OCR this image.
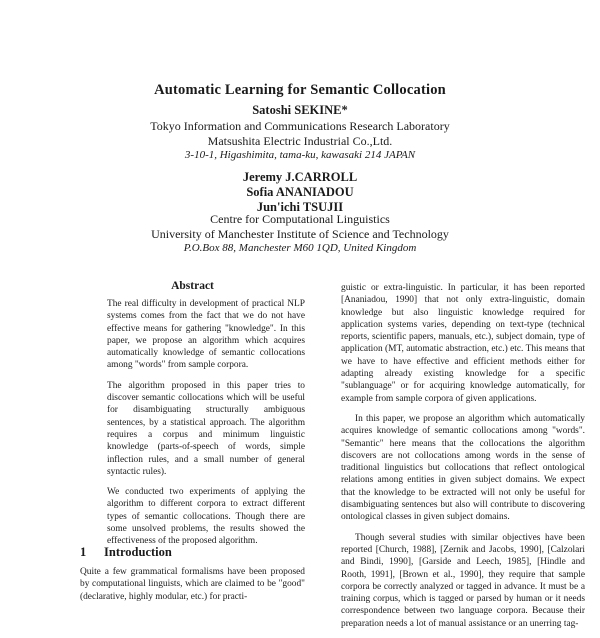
Automatic Learning for Semantic Collocation
Satoshi SEKINE*
Tokyo Information and Communications Research Laboratory
Matsushita Electric Industrial Co.,Ltd.
3-10-1, Higashimita, tama-ku, kawasaki 214 JAPAN
Jeremy J.CARROLL
Sofia ANANIADOU
Jun'ichi TSUJII
Centre for Computational Linguistics
University of Manchester Institute of Science and Technology
P.O.Box 88, Manchester M60 1QD, United Kingdom
Abstract

The real difficulty in development of practical NLP systems comes from the fact that we do not have effective means for gathering "knowledge". In this paper, we propose an algorithm which acquires automatically knowledge of semantic collocations among "words" from sample corpora.

The algorithm proposed in this paper tries to discover semantic collocations which will be useful for disambiguating structurally ambiguous sentences, by a statistical approach. The algorithm requires a corpus and minimum linguistic knowledge (parts-of-speech of words, simple inflection rules, and a small number of general syntactic rules).

We conducted two experiments of applying the algorithm to different corpora to extract different types of semantic collocations. Though there are some unsolved problems, the results showed the effectiveness of the proposed algorithm.

1 Introduction

Quite a few grammatical formalisms have been proposed by computational linguists, which are claimed to be "good" (declarative, highly modular, etc.) for practi-

guistic or extra-linguistic. In particular, it has been reported [Ananiadou, 1990] that not only extra-linguistic, domain knowledge but also linguistic knowledge required for application systems varies, depending on text-type (technical reports, scientific papers, manuals, etc.), subject domain, type of application (MT, automatic abstraction, etc.) etc. This means that we have to have effective and efficient methods either for adapting already existing knowledge for a specific "sublanguage" or for acquiring knowledge automatically, for example from sample corpora of given applications.

In this paper, we propose an algorithm which automatically acquires knowledge of semantic collocations among "words". "Semantic" here means that the collocations the algorithm discovers are not collocations among words in the sense of traditional linguistics but collocations that reflect ontological relations among entities in given subject domains. We expect that the knowledge to be extracted will not only be useful for disambiguating sentences but also will contribute to discovering ontological classes in given subject domains.

Though several studies with similar objectives have been reported [Church, 1988], [Zernik and Jacobs, 1990], [Calzolari and Bindi, 1990], [Garside and Leech, 1985], [Hindle and Rooth, 1991], [Brown et al., 1990], they require that sample corpora be correctly analyzed or tagged in advance. It must be a training corpus, which is tagged or parsed by human or it needs correspondence between two language corpora. Because their preparation needs a lot of manual assistance or an unerring tag-
